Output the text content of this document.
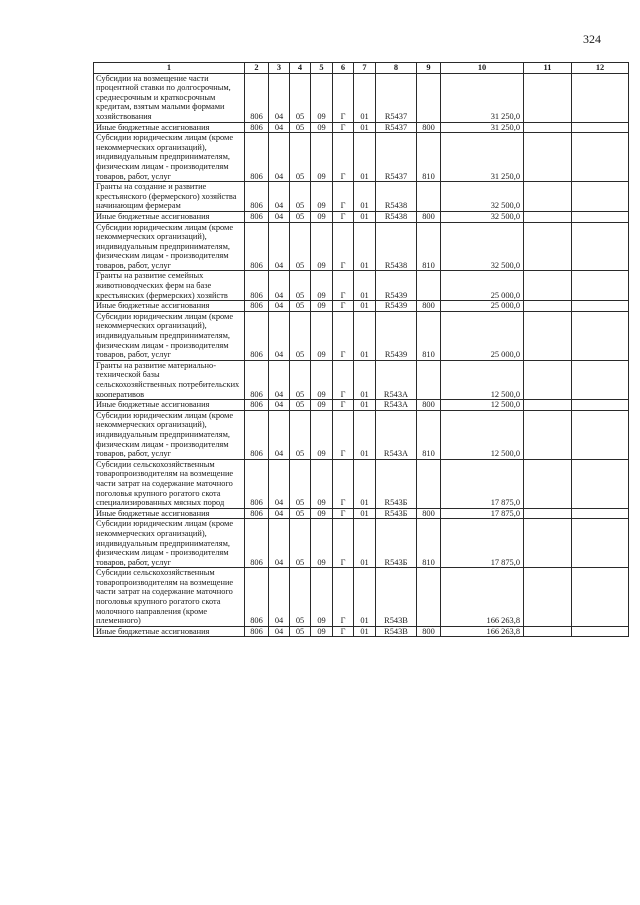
324
1	2	3	4	5	6	7	8	9	10	11	12
Субсидии на возмещение части процентной ставки по долгосрочным, среднесрочным и краткосрочным кредитам, взятым малыми формами хозяйствования	806	04	05	09	Г	01	R5437		31 250,0		
Иные бюджетные ассигнования	806	04	05	09	Г	01	R5437	800	31 250,0		
Субсидии юридическим лицам (кроме некоммерческих организаций), индивидуальным предпринимателям, физическим лицам - производителям товаров, работ, услуг	806	04	05	09	Г	01	R5437	810	31 250,0		
Гранты на создание и развитие крестьянского (фермерского) хозяйства начинающим фермерам	806	04	05	09	Г	01	R5438		32 500,0		
Иные бюджетные ассигнования	806	04	05	09	Г	01	R5438	800	32 500,0		
Субсидии юридическим лицам (кроме некоммерческих организаций), индивидуальным предпринимателям, физическим лицам - производителям товаров, работ, услуг	806	04	05	09	Г	01	R5438	810	32 500,0		
Гранты на развитие семейных животноводческих ферм на базе крестьянских (фермерских) хозяйств	806	04	05	09	Г	01	R5439		25 000,0		
Иные бюджетные ассигнования	806	04	05	09	Г	01	R5439	800	25 000,0		
Субсидии юридическим лицам (кроме некоммерческих организаций), индивидуальным предпринимателям, физическим лицам - производителям товаров, работ, услуг	806	04	05	09	Г	01	R5439	810	25 000,0		
Гранты на развитие материально-технической базы сельскохозяйственных потребительских кооперативов	806	04	05	09	Г	01	R543А		12 500,0		
Иные бюджетные ассигнования	806	04	05	09	Г	01	R543А	800	12 500,0		
Субсидии юридическим лицам (кроме некоммерческих организаций), индивидуальным предпринимателям, физическим лицам - производителям товаров, работ, услуг	806	04	05	09	Г	01	R543А	810	12 500,0		
Субсидии сельскохозяйственным товаропроизводителям на возмещение части затрат на содержание маточного поголовья крупного рогатого скота специализированных мясных пород	806	04	05	09	Г	01	R543Б		17 875,0		
Иные бюджетные ассигнования	806	04	05	09	Г	01	R543Б	800	17 875,0		
Субсидии юридическим лицам (кроме некоммерческих организаций), индивидуальным предпринимателям, физическим лицам - производителям товаров, работ, услуг	806	04	05	09	Г	01	R543Б	810	17 875,0		
Субсидии сельскохозяйственным товаропроизводителям на возмещение части затрат на содержание маточного поголовья крупного рогатого скота молочного направления (кроме племенного)	806	04	05	09	Г	01	R543В		166 263,8		
Иные бюджетные ассигнования	806	04	05	09	Г	01	R543В	800	166 263,8		
